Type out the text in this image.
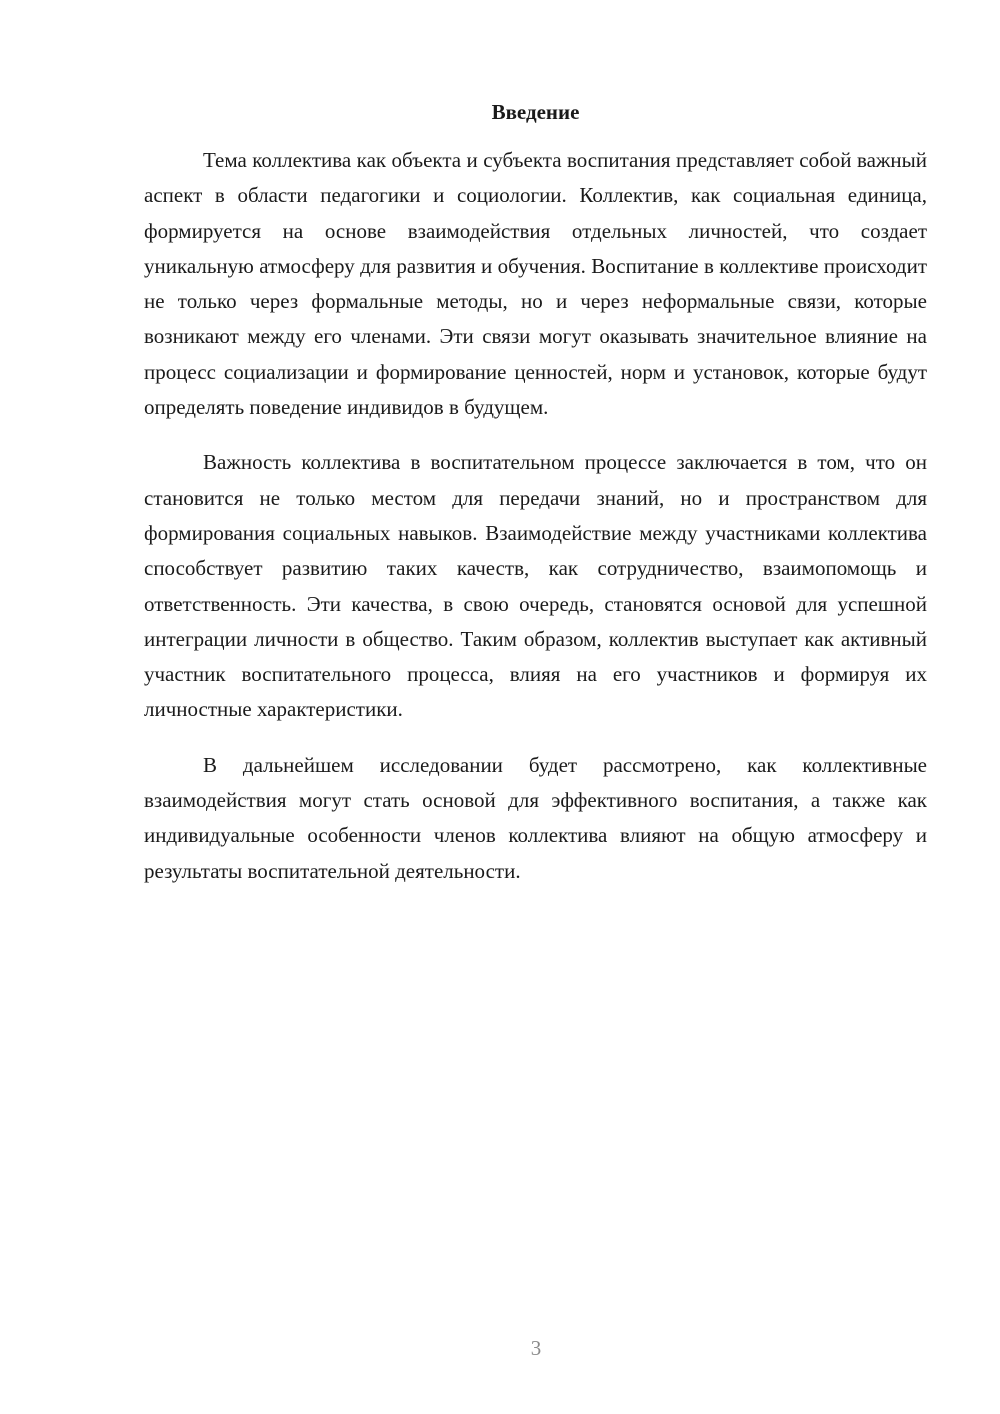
Введение

Тема коллектива как объекта и субъекта воспитания представляет собой важный аспект в области педагогики и социологии. Коллектив, как социальная единица, формируется на основе взаимодействия отдельных личностей, что создает уникальную атмосферу для развития и обучения. Воспитание в коллективе происходит не только через формальные методы, но и через неформальные связи, которые возникают между его членами. Эти связи могут оказывать значительное влияние на процесс социализации и формирование ценностей, норм и установок, которые будут определять поведение индивидов в будущем.

Важность коллектива в воспитательном процессе заключается в том, что он становится не только местом для передачи знаний, но и пространством для формирования социальных навыков. Взаимодействие между участниками коллектива способствует развитию таких качеств, как сотрудничество, взаимопомощь и ответственность. Эти качества, в свою очередь, становятся основой для успешной интеграции личности в общество. Таким образом, коллектив выступает как активный участник воспитательного процесса, влияя на его участников и формируя их личностные характеристики.

В дальнейшем исследовании будет рассмотрено, как коллективные взаимодействия могут стать основой для эффективного воспитания, а также как индивидуальные особенности членов коллектива влияют на общую атмосферу и результаты воспитательной деятельности.

3
